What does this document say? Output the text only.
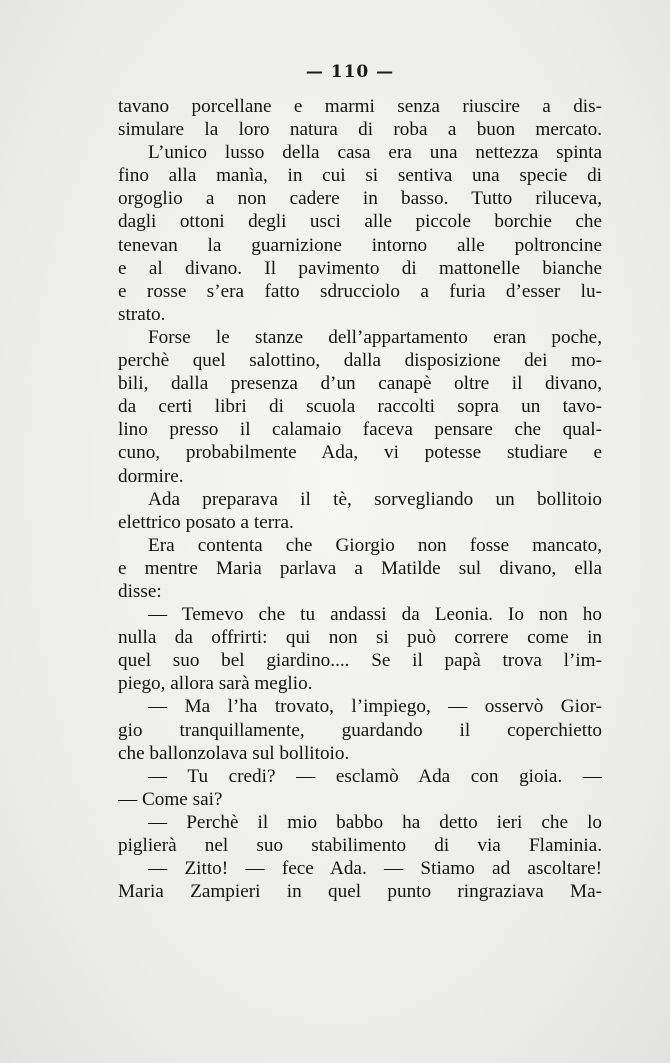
— 110 —
tavano porcellane e marmi senza riuscire a dis-
simulare la loro natura di roba a buon mercato.
L’unico lusso della casa era una nettezza spinta
fino alla manìa, in cui si sentiva una specie di
orgoglio a non cadere in basso. Tutto riluceva,
dagli ottoni degli usci alle piccole borchie che
tenevan la guarnizione intorno alle poltroncine
e al divano. Il pavimento di mattonelle bianche
e rosse s’era fatto sdrucciolo a furia d’esser lu-
strato.
Forse le stanze dell’appartamento eran poche,
perchè quel salottino, dalla disposizione dei mo-
bili, dalla presenza d’un canapè oltre il divano,
da certi libri di scuola raccolti sopra un tavo-
lino presso il calamaio faceva pensare che qual-
cuno, probabilmente Ada, vi potesse studiare e
dormire.
Ada preparava il tè, sorvegliando un bollitoio
elettrico posato a terra.
Era contenta che Giorgio non fosse mancato,
e mentre Maria parlava a Matilde sul divano, ella
disse:
— Temevo che tu andassi da Leonia. Io non ho
nulla da offrirti: qui non si può correre come in
quel suo bel giardino.... Se il papà trova l’im-
piego, allora sarà meglio.
— Ma l’ha trovato, l’impiego, — osservò Gior-
gio tranquillamente, guardando il coperchietto
che ballonzolava sul bollitoio.
— Tu credi? — esclamò Ada con gioia. —
— Come sai?
— Perchè il mio babbo ha detto ieri che lo
piglierà nel suo stabilimento di via Flaminia.
— Zitto! — fece Ada. — Stiamo ad ascoltare!
Maria Zampieri in quel punto ringraziava Ma-
